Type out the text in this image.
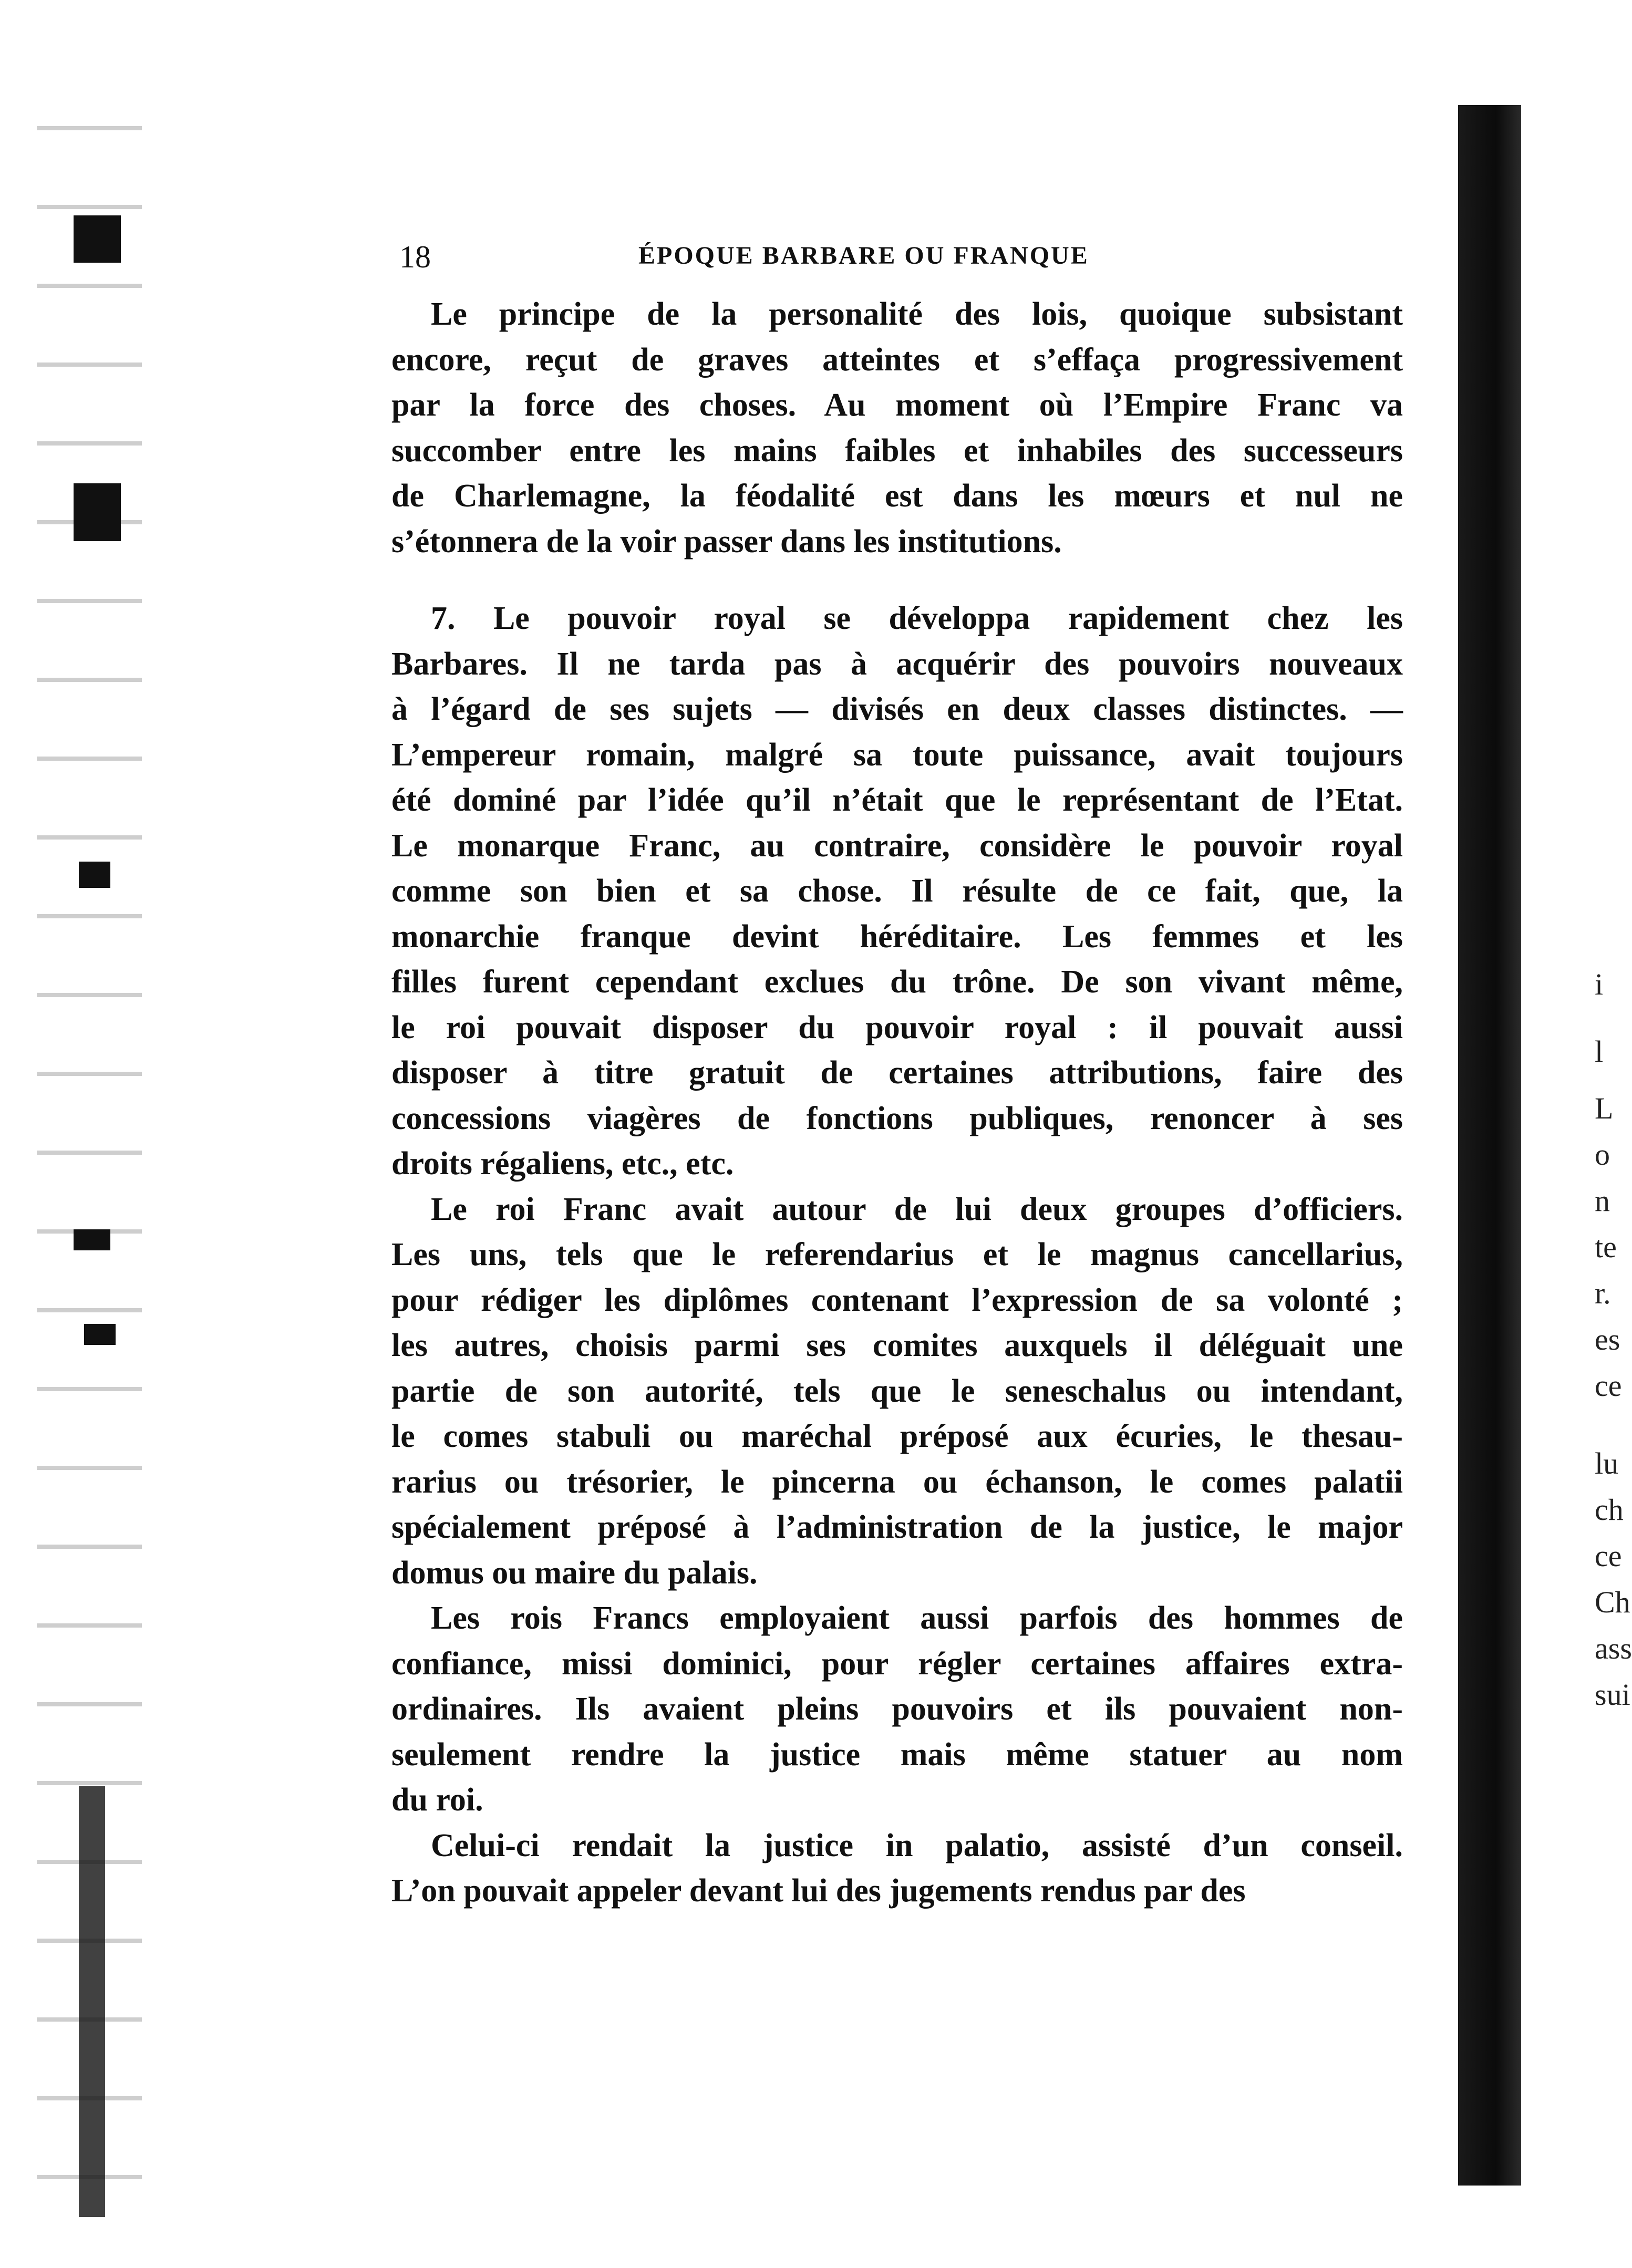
i
l
L
o
n
te
r.
es
ce
lu
ch
ce
Ch
ass
sui
18	ÉPOQUE BARBARE OU FRANQUE

Le principe de la personalité des lois, quoique subsistant
encore, reçut de graves atteintes et s’effaça progressivement
par la force des choses. Au moment où l’Empire Franc va
succomber entre les mains faibles et inhabiles des successeurs
de Charlemagne, la féodalité est dans les mœurs et nul ne
s’étonnera de la voir passer dans les institutions.

7. Le pouvoir royal se développa rapidement chez les
Barbares. Il ne tarda pas à acquérir des pouvoirs nouveaux
à l’égard de ses sujets — divisés en deux classes distinctes. —
L’empereur romain, malgré sa toute puissance, avait toujours
été dominé par l’idée qu’il n’était que le représentant de l’Etat.
Le monarque Franc, au contraire, considère le pouvoir royal
comme son bien et sa chose. Il résulte de ce fait, que, la
monarchie franque devint héréditaire. Les femmes et les
filles furent cependant exclues du trône. De son vivant même,
le roi pouvait disposer du pouvoir royal : il pouvait aussi
disposer à titre gratuit de certaines attributions, faire des
concessions viagères de fonctions publiques, renoncer à ses
droits régaliens, etc., etc.

Le roi Franc avait autour de lui deux groupes d’officiers.
Les uns, tels que le referendarius et le magnus cancellarius,
pour rédiger les diplômes contenant l’expression de sa volonté ;
les autres, choisis parmi ses comites auxquels il déléguait une
partie de son autorité, tels que le seneschalus ou intendant,
le comes stabuli ou maréchal préposé aux écuries, le thesau-
rarius ou trésorier, le pincerna ou échanson, le comes palatii
spécialement préposé à l’administration de la justice, le major
domus ou maire du palais.

Les rois Francs employaient aussi parfois des hommes de
confiance, missi dominici, pour régler certaines affaires extra-
ordinaires. Ils avaient pleins pouvoirs et ils pouvaient non-
seulement rendre la justice mais même statuer au nom
du roi.

Celui-ci rendait la justice in palatio, assisté d’un conseil.
L’on pouvait appeler devant lui des jugements rendus par des
